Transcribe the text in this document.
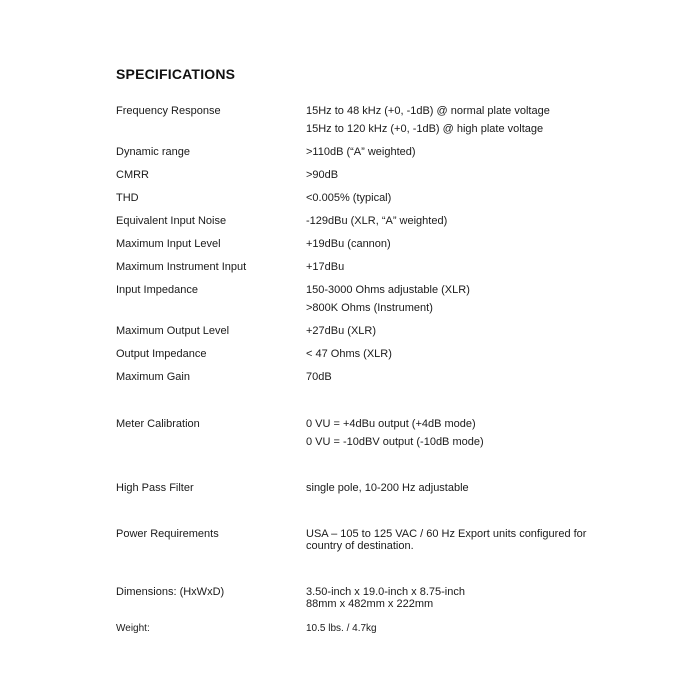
SPECIFICATIONS
Frequency Response	15Hz to 48 kHz (+0, -1dB) @ normal plate voltage
15Hz to 120 kHz (+0, -1dB) @ high plate voltage
Dynamic range	>110dB (“A” weighted)
CMRR	>90dB
THD	<0.005% (typical)
Equivalent Input Noise	-129dBu (XLR, “A” weighted)
Maximum Input Level	+19dBu (cannon)
Maximum Instrument Input	+17dBu
Input Impedance	150-3000 Ohms adjustable (XLR)
>800K Ohms (Instrument)
Maximum Output Level	+27dBu (XLR)
Output Impedance	< 47 Ohms (XLR)
Maximum Gain	70dB
Meter Calibration	0 VU = +4dBu output (+4dB mode)
0 VU = -10dBV output (-10dB mode)
High Pass Filter	single pole, 10-200 Hz adjustable
Power Requirements	USA – 105 to 125 VAC / 60 Hz Export units configured for
country of destination.
Dimensions: (HxWxD)	3.50-inch x 19.0-inch x 8.75-inch
88mm x 482mm x 222mm
Weight:	10.5 lbs. / 4.7kg
